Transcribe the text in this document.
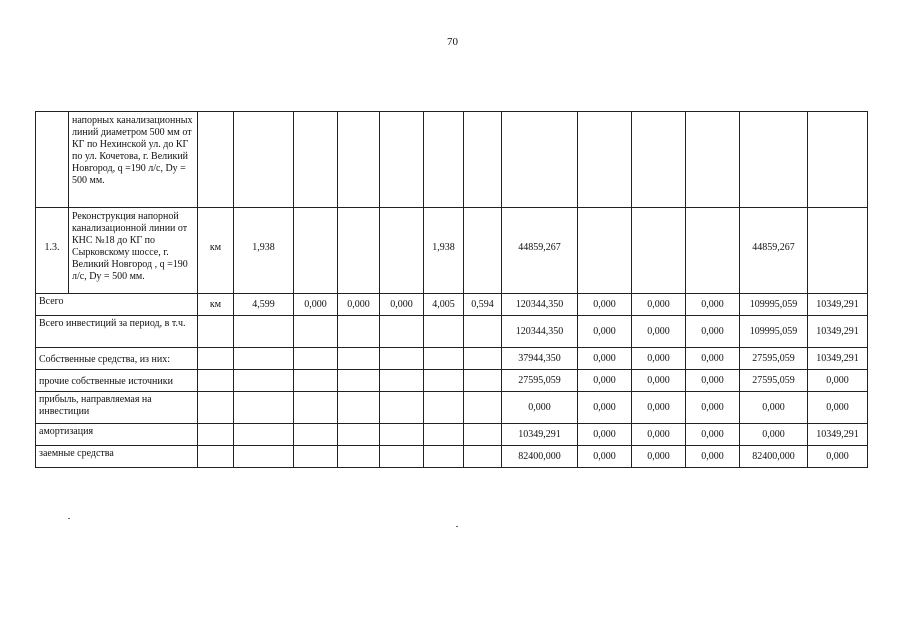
70
	напорных канализационных линий диаметром 500 мм от КГ по Нехинской ул. до КГ по ул. Кочетова, г. Великий Новгород, q =190 л/с, Dy = 500 мм.													
1.3.	Реконструкция напорной канализационной линии от КНС №18 до КГ по Сырковскому шоссе, г. Великий Новгород , q =190 л/с, Dy = 500 мм.	км	1,938				1,938		44859,267				44859,267	
Всего		км	4,599	0,000	0,000	0,000	4,005	0,594	120344,350	0,000	0,000	0,000	109995,059	10349,291
Всего инвестиций за период, в т.ч.									120344,350	0,000	0,000	0,000	109995,059	10349,291
Собственные средства, из них:									37944,350	0,000	0,000	0,000	27595,059	10349,291
прочие собственные источники									27595,059	0,000	0,000	0,000	27595,059	0,000
прибыль, направляемая на инвестиции									0,000	0,000	0,000	0,000	0,000	0,000
амортизация									10349,291	0,000	0,000	0,000	0,000	10349,291
заемные средства									82400,000	0,000	0,000	0,000	82400,000	0,000
